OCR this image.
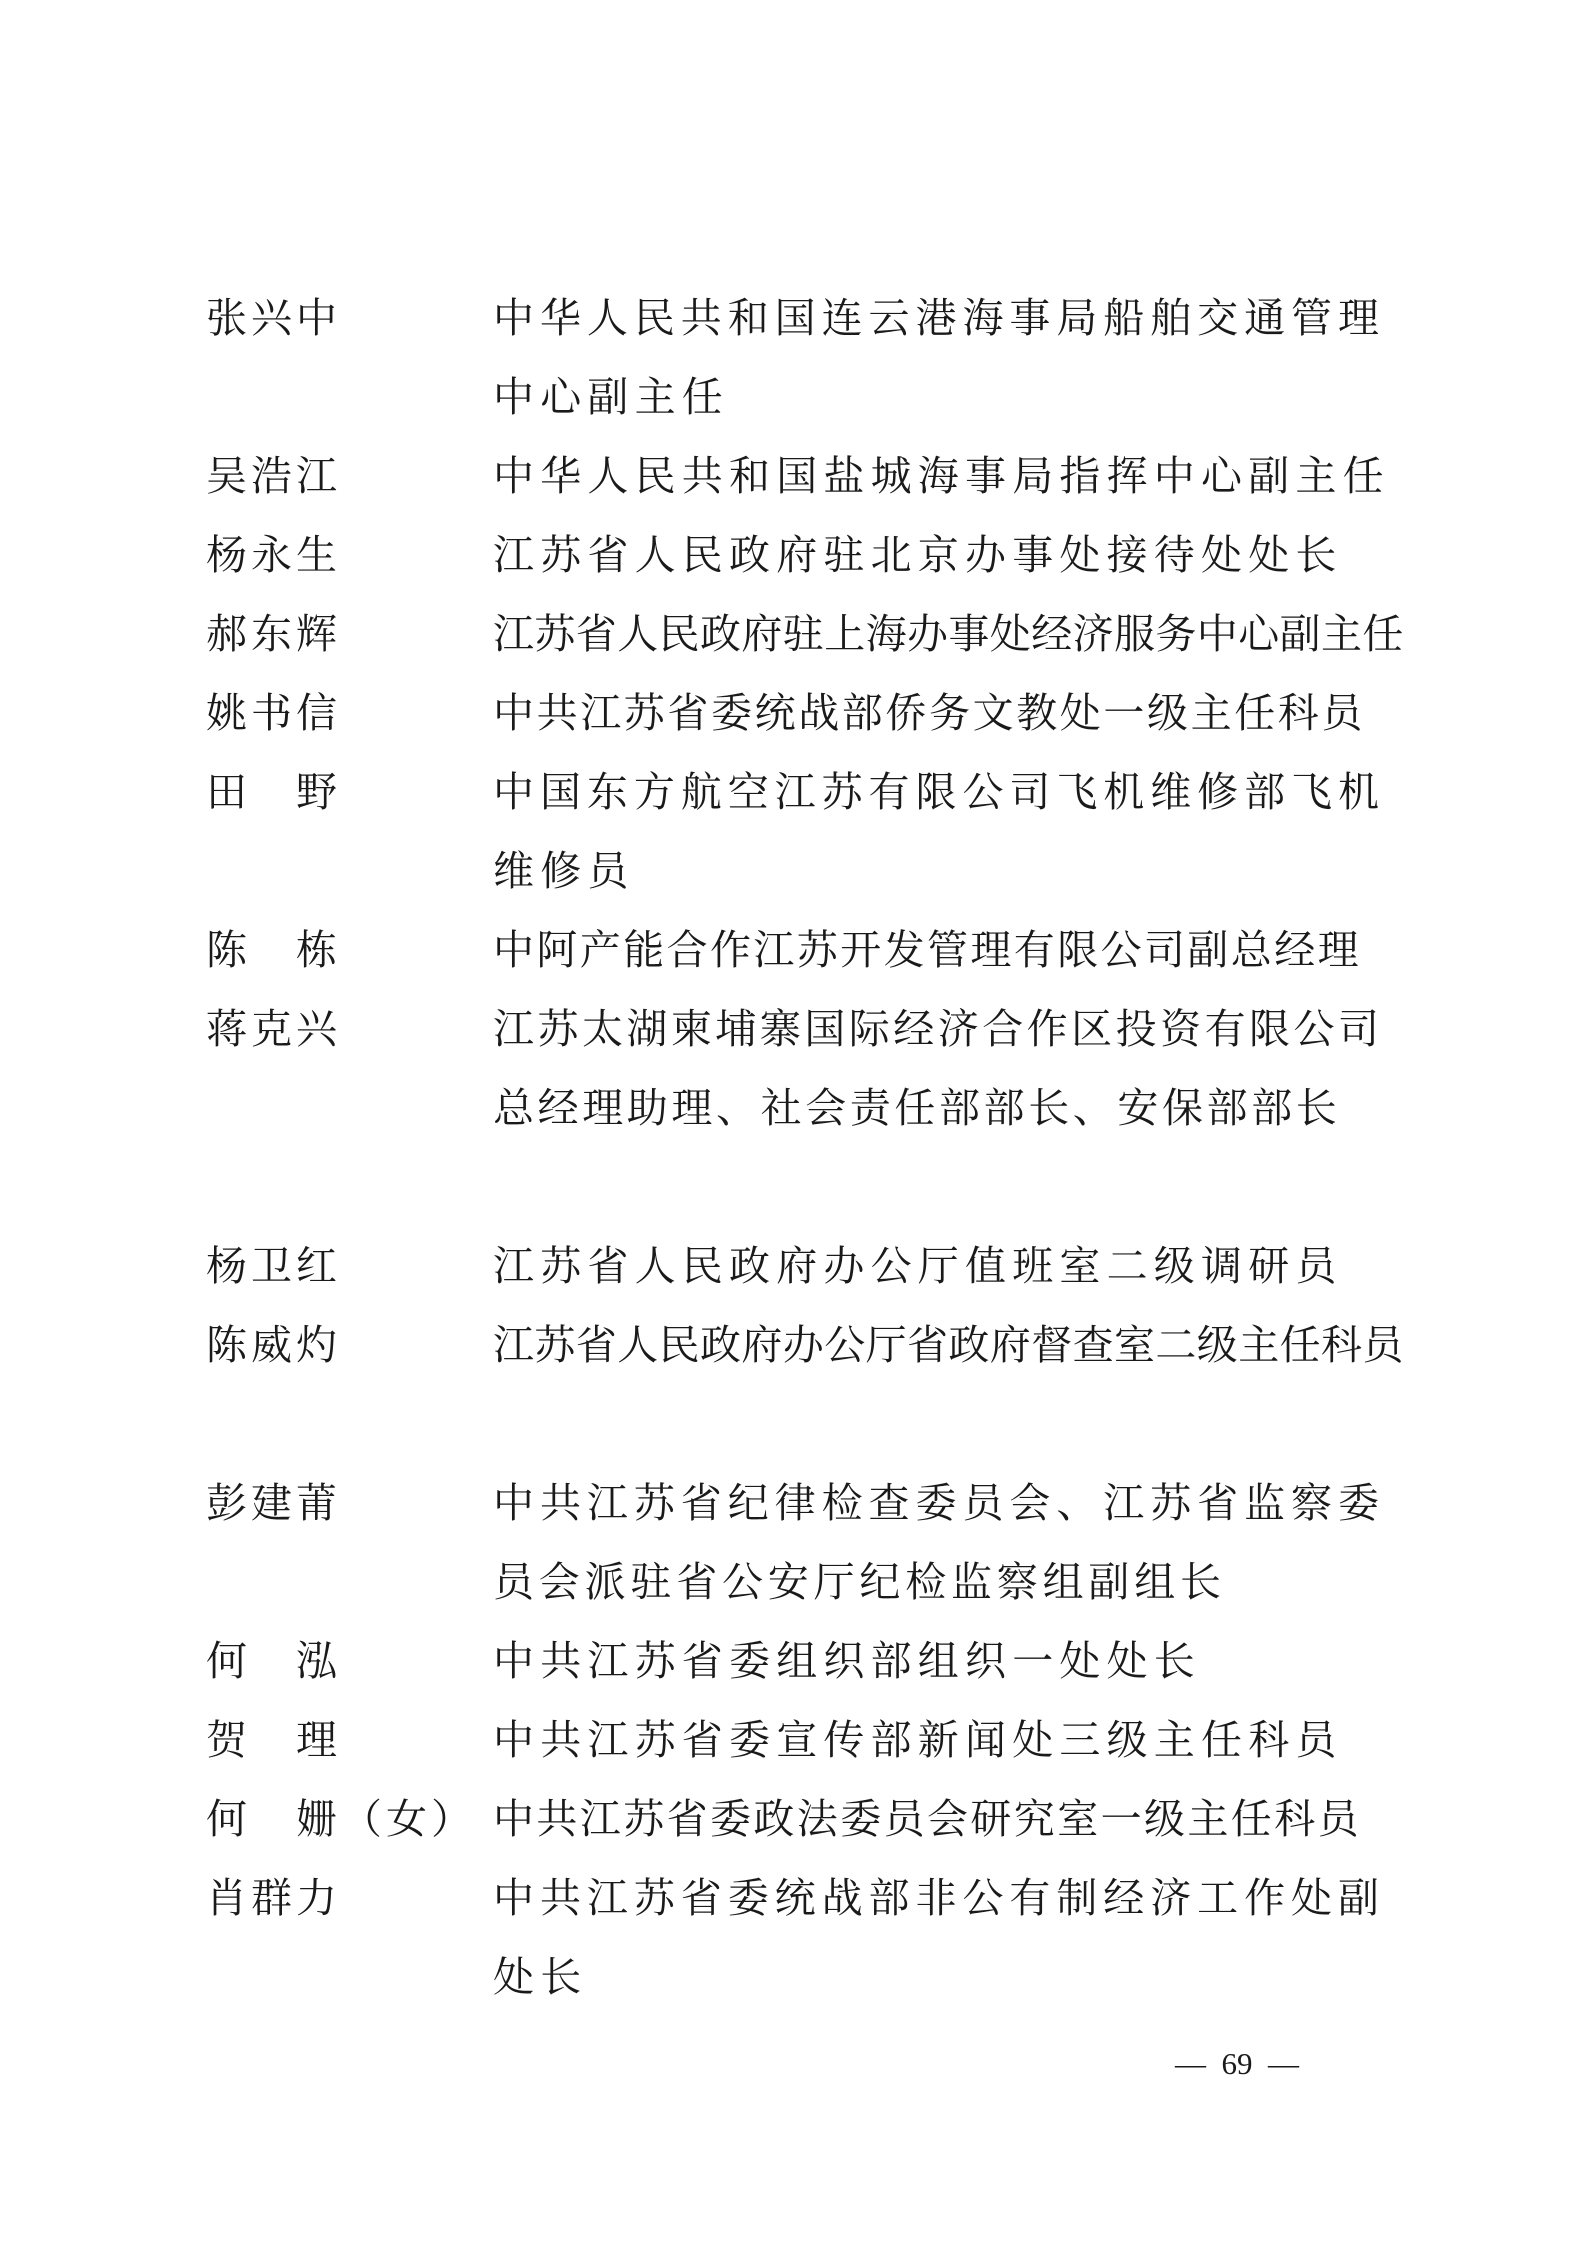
张兴中	中华人民共和国连云港海事局船舶交通管理
中心副主任
吴浩江	中华人民共和国盐城海事局指挥中心副主任
杨永生	江苏省人民政府驻北京办事处接待处处长
郝东辉	江苏省人民政府驻上海办事处经济服务中心副主任
姚书信	中共江苏省委统战部侨务文教处一级主任科员
田　野	中国东方航空江苏有限公司飞机维修部飞机
维修员
陈　栋	中阿产能合作江苏开发管理有限公司副总经理
蒋克兴	江苏太湖柬埔寨国际经济合作区投资有限公司
总经理助理、社会责任部部长、安保部部长
杨卫红	江苏省人民政府办公厅值班室二级调研员
陈威灼	江苏省人民政府办公厅省政府督查室二级主任科员
彭建莆	中共江苏省纪律检查委员会、江苏省监察委
员会派驻省公安厅纪检监察组副组长
何　泓	中共江苏省委组织部组织一处处长
贺　理	中共江苏省委宣传部新闻处三级主任科员
何　姗（女） 中共江苏省委政法委员会研究室一级主任科员
肖群力	中共江苏省委统战部非公有制经济工作处副
处长
—  69  —
